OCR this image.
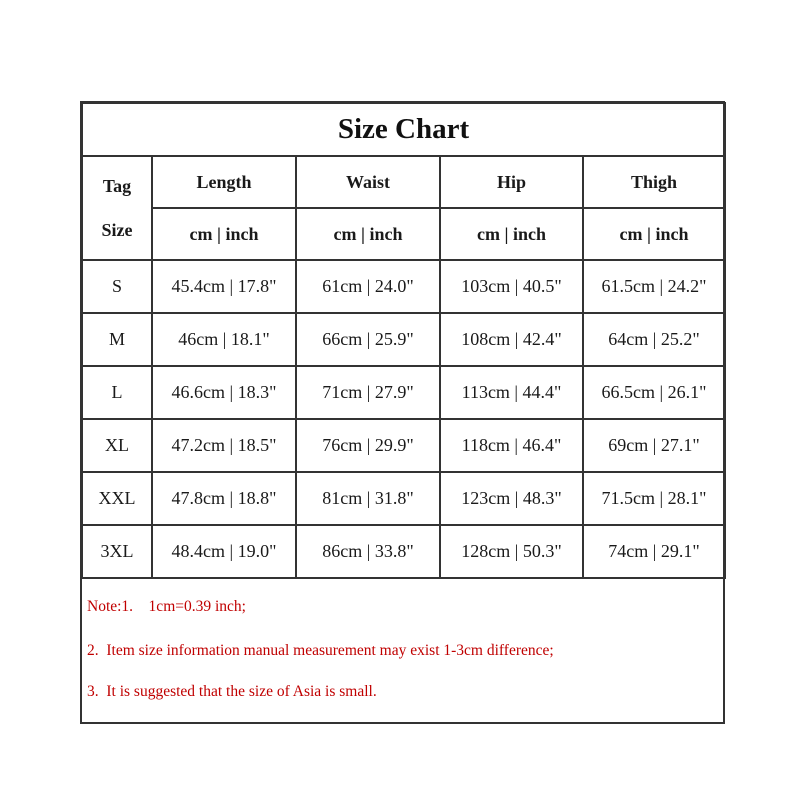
Size Chart				

Tag
Size	Length	Waist	Hip	Thigh
	cm | inch	cm | inch	cm | inch	cm | inch
S	45.4cm | 17.8"	61cm | 24.0"	103cm | 40.5"	61.5cm | 24.2"
M	46cm | 18.1"	66cm | 25.9"	108cm | 42.4"	64cm | 25.2"
L	46.6cm | 18.3"	71cm | 27.9"	113cm | 44.4"	66.5cm | 26.1"
XL	47.2cm | 18.5"	76cm | 29.9"	118cm | 46.4"	69cm | 27.1"
XXL	47.8cm | 18.8"	81cm | 31.8"	123cm | 48.3"	71.5cm | 28.1"
3XL	48.4cm | 19.0"	86cm | 33.8"	128cm | 50.3"	74cm | 29.1"
Note:1.    1cm=0.39 inch;
2.  Item size information manual measurement may exist 1-3cm difference;
3.  It is suggested that the size of Asia is small.
